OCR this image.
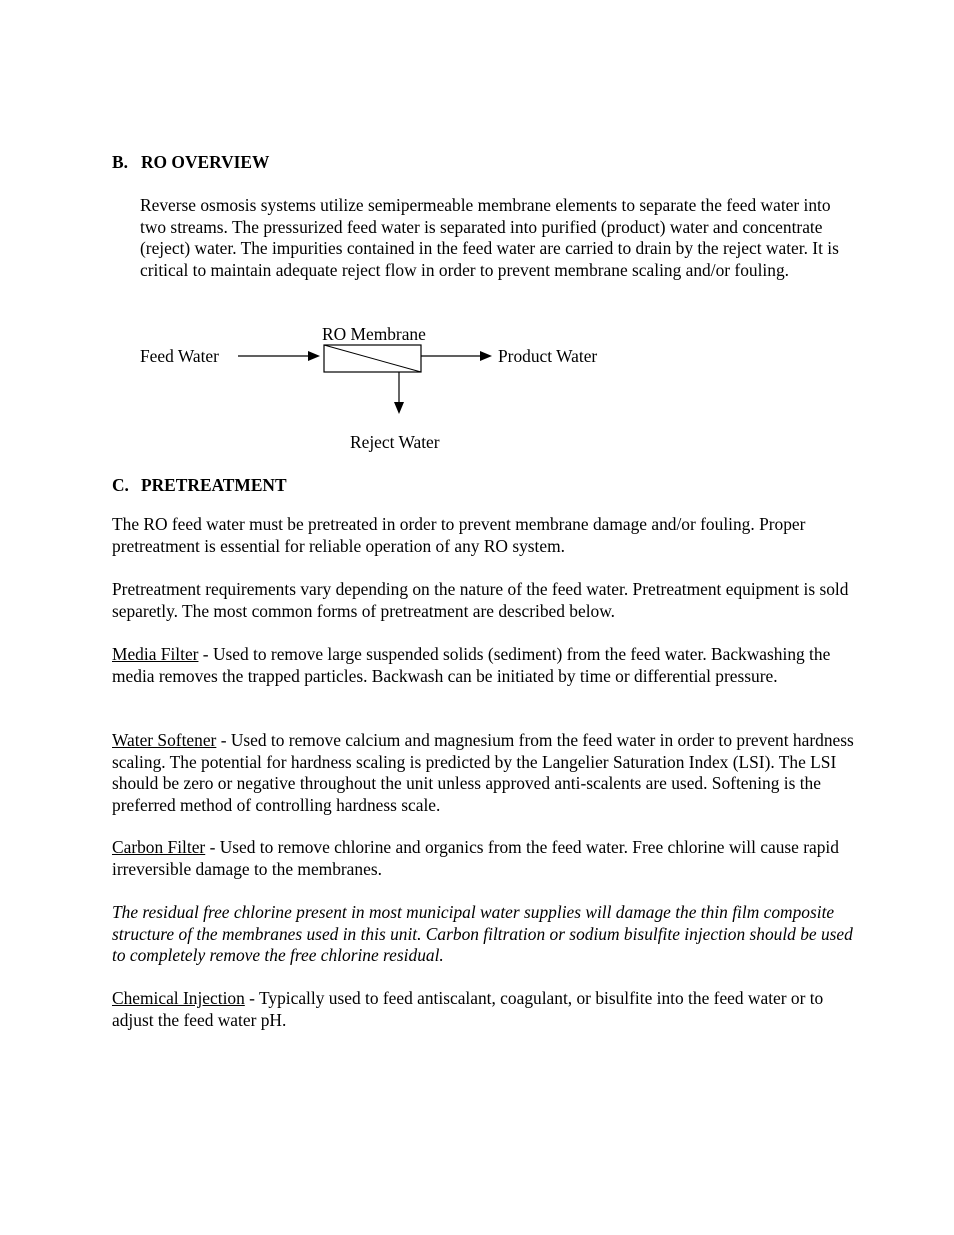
B. RO OVERVIEW

Reverse osmosis systems utilize semipermeable membrane elements to separate the feed water into two streams. The pressurized feed water is separated into purified (product) water and concentrate (reject) water. The impurities contained in the feed water are carried to drain by the reject water. It is critical to maintain adequate reject flow in order to prevent membrane scaling and/or fouling.

Feed Water
RO Membrane
Product Water
Reject Water
C. PRETREATMENT

The RO feed water must be pretreated in order to prevent membrane damage and/or fouling. Proper pretreatment is essential for reliable operation of any RO system.

Pretreatment requirements vary depending on the nature of the feed water. Pretreatment equipment is sold separetly. The most common forms of pretreatment are described below.

Media Filter - Used to remove large suspended solids (sediment) from the feed water. Backwashing the media removes the trapped particles. Backwash can be initiated by time or differential pressure.

Water Softener - Used to remove calcium and magnesium from the feed water in order to prevent hardness scaling. The potential for hardness scaling is predicted by the Langelier Saturation Index (LSI). The LSI should be zero or negative throughout the unit unless approved anti-scalents are used. Softening is the preferred method of controlling hardness scale.

Carbon Filter - Used to remove chlorine and organics from the feed water. Free chlorine will cause rapid irreversible damage to the membranes.

The residual free chlorine present in most municipal water supplies will damage the thin film composite structure of the membranes used in this unit. Carbon filtration or sodium bisulfite injection should be used to completely remove the free chlorine residual.

Chemical Injection - Typically used to feed antiscalant, coagulant, or bisulfite into the feed water or to adjust the feed water pH.
